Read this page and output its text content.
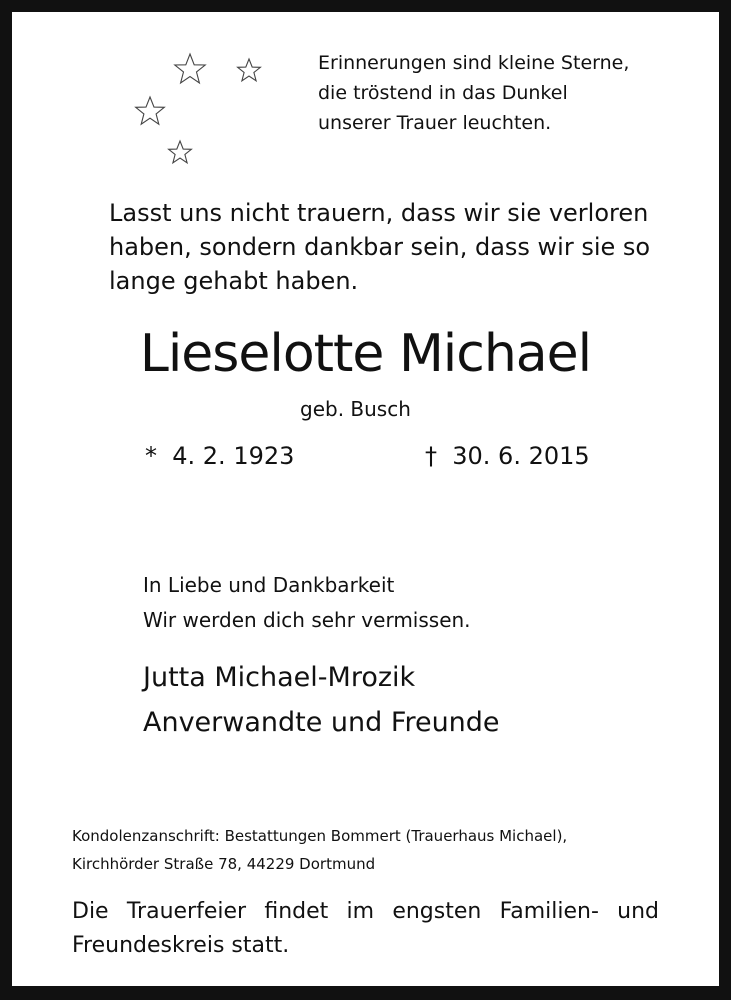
Erinnerungen sind kleine Sterne,
die tröstend in das Dunkel
unserer Trauer leuchten.
Lasst uns nicht trauern, dass wir sie verloren
haben, sondern dankbar sein, dass wir sie so
lange gehabt haben.
Lieselotte Michael
geb. Busch
*  4. 2. 1923	†  30. 6. 2015
In Liebe und Dankbarkeit
Wir werden dich sehr vermissen.
Jutta Michael-Mrozik
Anverwandte und Freunde
Kondolenzanschrift: Bestattungen Bommert (Trauerhaus Michael),
Kirchhörder Straße 78, 44229 Dortmund
Die Trauerfeier findet im engsten Familien- und
Freundeskreis statt.
